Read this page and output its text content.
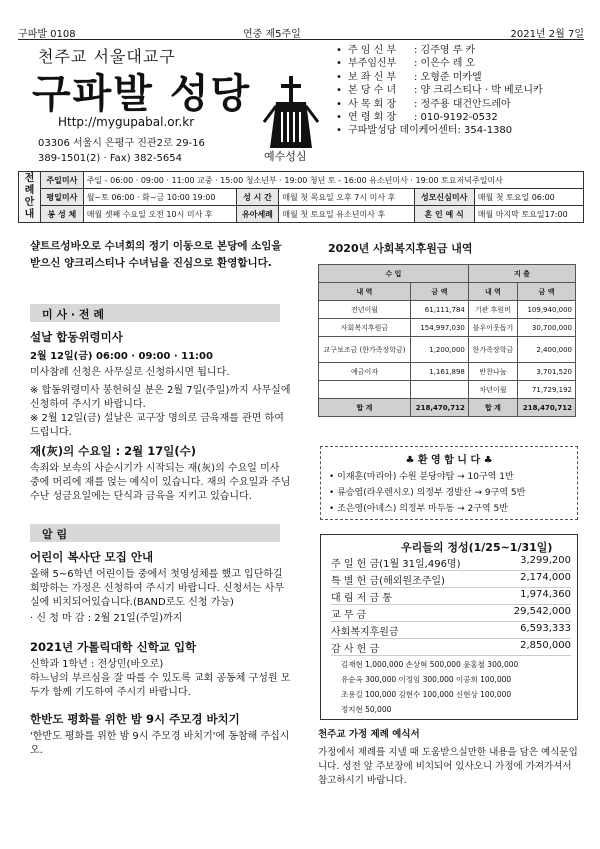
구파발 0108	연중 제5주일	2021년 2월 7일
천주교 서울대교구
구파발 성당
Http://mygupabal.or.kr
03306 서울시 은평구 진관2로 29-16
389-1501(2) · Fax) 382-5654	예수성심
• 주 임 신 부	: 김주영 루 카
• 부주임신부	: 이은수 레 오
• 보 좌 신 부	: 오형준 미카엘
• 본 당 수 녀	: 양 크리스티나 · 박 베로니카
• 사 목 회 장	: 정주용 대건안드레아
• 연 령 회 장	: 010-9192-0532
• 구파발성당 데이케어센터 : 354-1380
전례안내	주일미사	주일 - 06:00 · 09:00 · 11:00 교중 · 15:00 청소년부 · 19:00 청년 토 - 16:00 유소년미사 · 19:00 토요저녁주일미사				
	평일미사	월~토 06:00 · 화~금 10:00 19:00	성 시 간	매월 첫 목요일 오후 7시 미사 후	성모신심미사	매월 첫 토요일 06:00
	봉 성 체	매월 셋째 수요일 오전 10시 미사 후	유아세례	매월 첫 토요일 유소년미사 후	혼 인 예 식	매월 마지막 토요일17:00
샬트르성바오로 수녀회의 정기 이동으로 본당에 소임을 받으신 양크리스티나 수녀님을 진심으로 환영합니다.
미 사 · 전 례
설날 합동위령미사
2월 12일(금) 06:00 · 09:00 · 11:00
미사참례 신청은 사무실로 신청하시면 됩니다.
※ 합동위령미사 봉헌허실 분은 2월 7일(주일)까지 사무실에 신청하여 주시기 바랍니다.
※ 2월 12일(금) 설날은 교구장 명의로 금육재를 관면 하여드립니다.
재(灰)의 수요일 : 2월 17일(수)
속죄와 보속의 사순시기가 시작되는 재(灰)의 수요일 미사 중에 머리에 재를 얹는 예식이 있습니다. 재의 수요일과 주님 수난 성금요일에는 단식과 금육을 지키고 있습니다.
알 림
어린이 복사단 모집 안내
올해 5~6학년 어린이들 중에서 첫영성체를 했고 입단하길 희망하는 가정은 신청하여 주시기 바랍니다. 신청서는 사무실에 비치되어있습니다.(BAND로도 신청 가능)
· 신 청 마 감 : 2월 21일(주일)까지
2021년 가톨릭대학 신학교 입학
신학과 1학년 : 전상민(바오로)
하느님의 부르심을 잘 따를 수 있도록 교회 공동체 구성원 모두가 함께 기도하여 주시기 바랍니다.
한반도 평화를 위한 밤 9시 주모경 바치기
'한반도 평화를 위한 밤 9시 주모경 바치기'에 동참해 주십시오.
2020년 사회복지후원금 내역
수 입		지 출	
내 역	금 액	내 역	금 액
전년이월	61,111,784	기관 후원비	109,940,000
사회복지후원금	154,997,030	불우이웃돕기	30,700,000
교구보조금 (한가족장학금)	1,200,000	한가족장학금	2,400,000
예금이자	1,161,898	반찬나눔	3,701,520
		차년이월	71,729,192
합 계	218,470,712	합 계	218,470,712
♣ 환 영 합 니 다 ♣
• 이재훈(마리아) 수원 분당야탑 → 10구역 1반
• 류승엽(라우렌시오) 의정부 경발산 → 9구역 5반
• 조은영(아녜스) 의정부 마두동 → 2구역 5반
우리들의 정성(1/25~1/31일)
주 일 헌 금(1월 31일,496명)	3,299,200
특 별 헌 금(해외원조주일)	2,174,000
대 림 저 금 통	1,974,360
교 무 금	29,542,000
사회복지후원금	6,593,333
감 사 헌 금	2,850,000
김재현 1,000,000 손상혁 500,000 윤홍철 300,000
유순옥 300,000 이정임 300,000 이공희 100,000
조용길 100,000 김현수 100,000 신현상 100,000
정지현 50,000
천주교 가정 제례 예식서
가정에서 제례를 지낼 때 도움받으실만한 내용을 담은 예식문입니다. 성전 앞 주보장에 비치되어 있사오니 가정에 가져가셔서 참고하시기 바랍니다.
